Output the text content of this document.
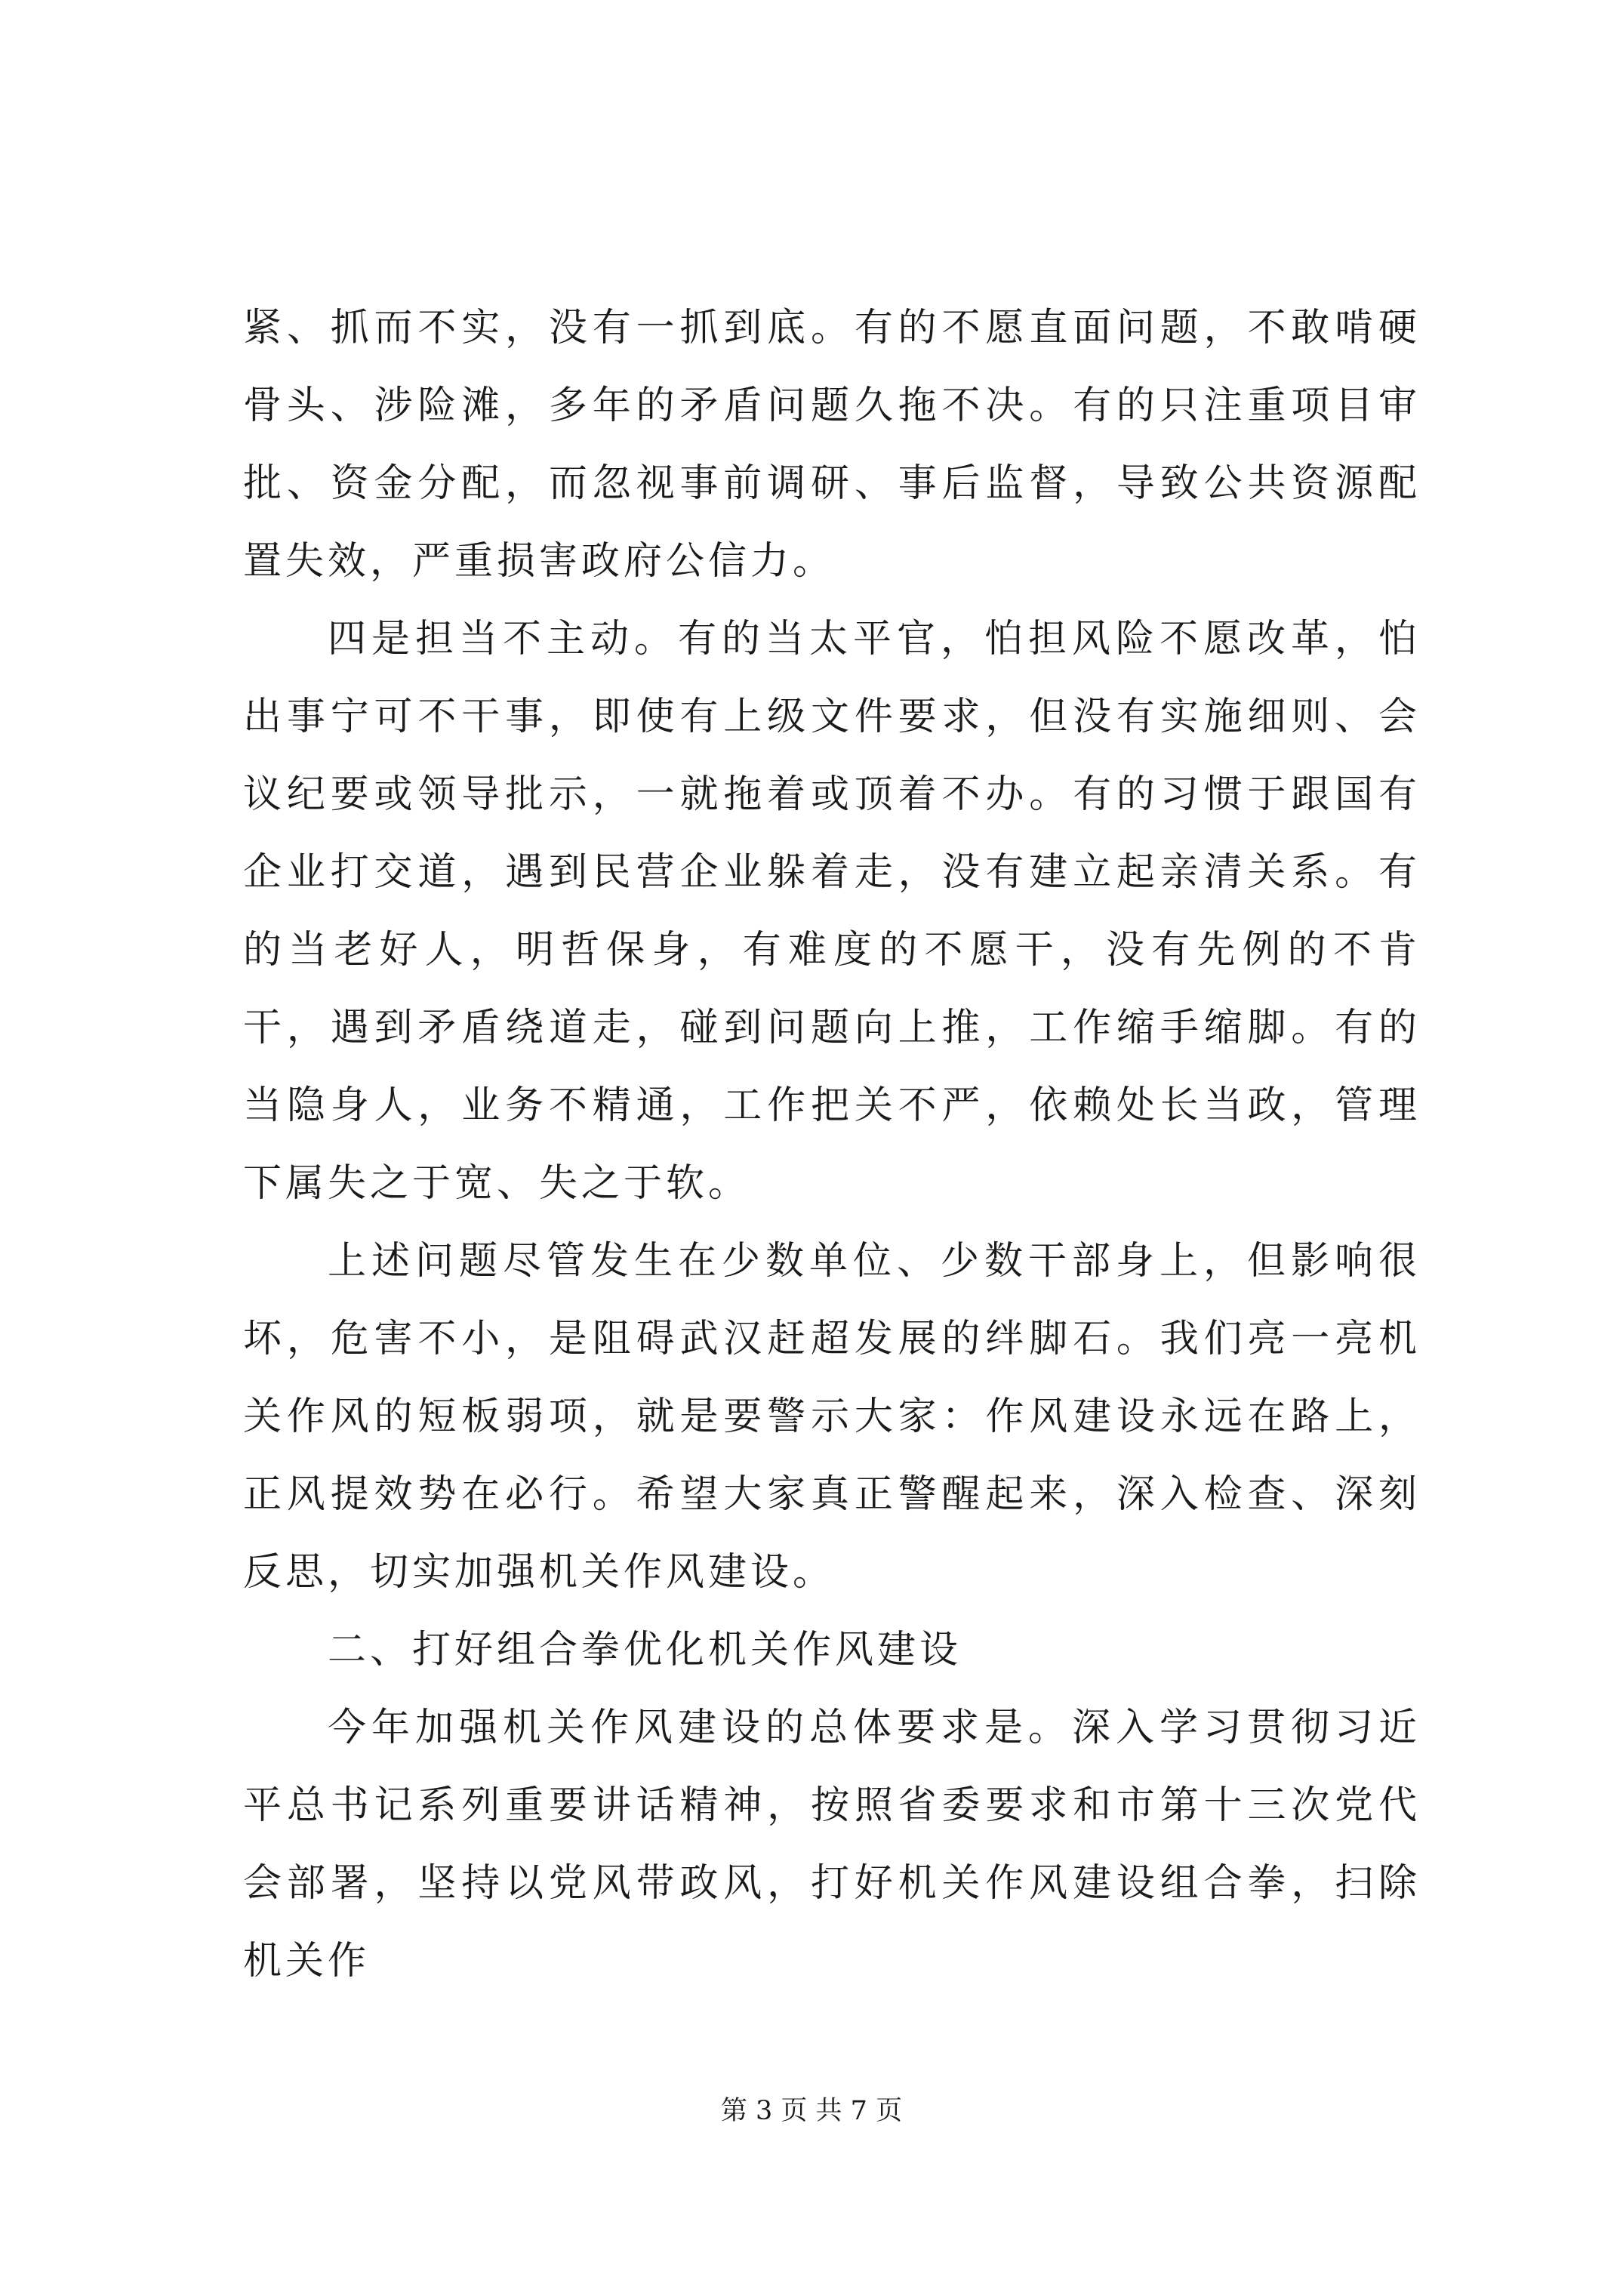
紧、抓而不实，没有一抓到底。有的不愿直面问题，不敢啃硬骨头、涉险滩，多年的矛盾问题久拖不决。有的只注重项目审批、资金分配，而忽视事前调研、事后监督，导致公共资源配置失效，严重损害政府公信力。

四是担当不主动。有的当太平官，怕担风险不愿改革，怕出事宁可不干事，即使有上级文件要求，但没有实施细则、会议纪要或领导批示，一就拖着或顶着不办。有的习惯于跟国有企业打交道，遇到民营企业躲着走，没有建立起亲清关系。有的当老好人，明哲保身，有难度的不愿干，没有先例的不肯干，遇到矛盾绕道走，碰到问题向上推，工作缩手缩脚。有的当隐身人，业务不精通，工作把关不严，依赖处长当政，管理下属失之于宽、失之于软。

上述问题尽管发生在少数单位、少数干部身上，但影响很坏，危害不小，是阻碍武汉赶超发展的绊脚石。我们亮一亮机关作风的短板弱项，就是要警示大家：作风建设永远在路上，正风提效势在必行。希望大家真正警醒起来，深入检查、深刻反思，切实加强机关作风建设。

二、打好组合拳优化机关作风建设

今年加强机关作风建设的总体要求是。深入学习贯彻习近平总书记系列重要讲话精神，按照省委要求和市第十三次党代会部署，坚持以党风带政风，打好机关作风建设组合拳，扫除机关作

第 3 页 共 7 页
